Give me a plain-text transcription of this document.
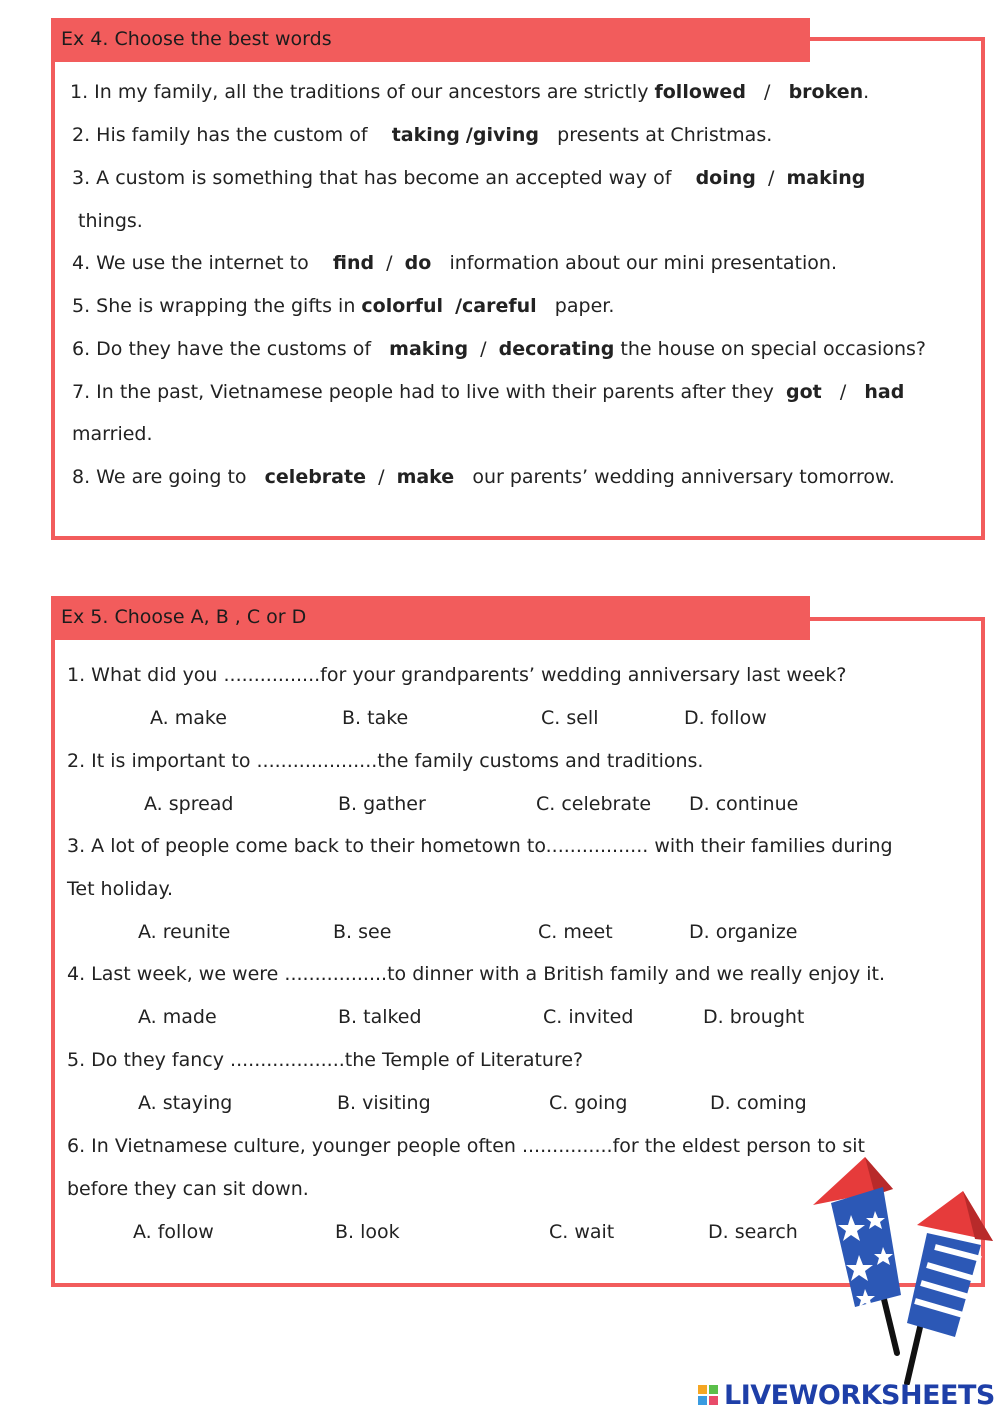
Ex 4. Choose the best words
1. In my family, all the traditions of our ancestors are strictly followed / broken.
2. His family has the custom of    taking /giving   presents at Christmas.
3. A custom is something that has become an accepted way of    doing / making
things.
4. We use the internet to    find / do   information about our mini presentation.
5. She is wrapping the gifts in colorful /careful   paper.
6. Do they have the customs of   making / decorating the house on special occasions?
7. In the past, Vietnamese people had to live with their parents after they  got / had
married.
8. We are going to   celebrate / make   our parents’ wedding anniversary tomorrow.
Ex 5. Choose A, B , C or D
1. What did you ................for your grandparents’ wedding anniversary last week?
A. make	B. take	C. sell	D. follow
2. It is important to ....................the family customs and traditions.
A. spread	B. gather	C. celebrate D. continue
3. A lot of people come back to their hometown to................. with their families during
Tet holiday.
A. reunite	B. see	C. meet	D. organize
4. Last week, we were .................to dinner with a British family and we really enjoy it.
A. made	B. talked	C. invited	D. brought
5. Do they fancy ...................the Temple of Literature?
A. staying	B. visiting	C. going	D. coming
6. In Vietnamese culture, younger people often ...............for the eldest person to sit
before they can sit down.
A. follow	B. look	C. wait	D. search
LIVEWORKSHEETS
